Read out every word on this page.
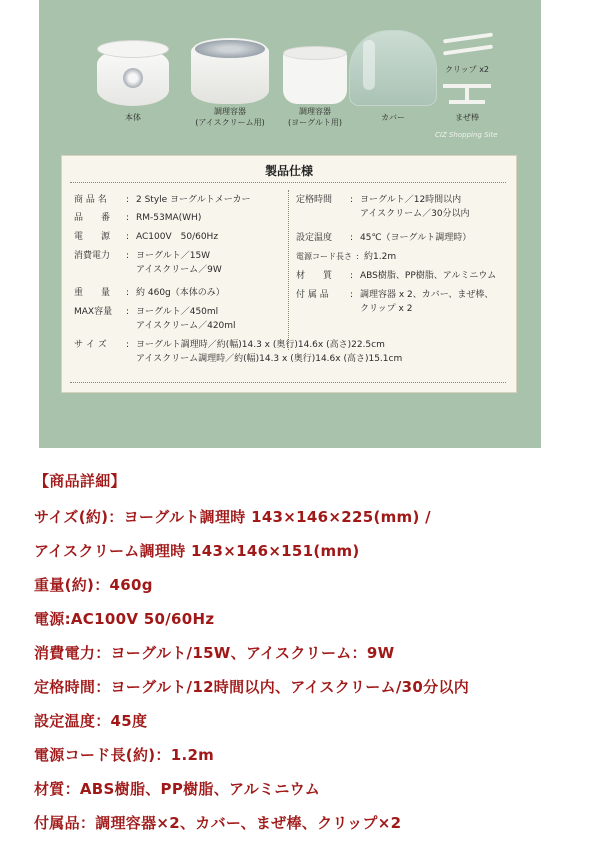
本体
調理容器
(アイスクリーム用)
調理容器
(ヨーグルト用)
カバー
クリップ x2
まぜ棒
CIZ Shopping Site
製品仕様
商 品 名 : 2 Style ヨーグルトメーカー
品　　番 : RM-53MA(WH)
電　　源 : AC100V　50/60Hz
消費電力 : ヨーグルト／15W
アイスクリーム／9W
重　　量 : 約 460g（本体のみ）
MAX容量 : ヨーグルト／450ml
アイスクリーム／420ml
定格時間 : ヨーグルト／12時間以内
アイスクリーム／30分以内
設定温度 : 45℃（ヨーグルト調理時）
電源コード長さ : 約1.2m
材　　質 : ABS樹脂、PP樹脂、アルミニウム
付 属 品 : 調理容器 x 2、カバー、まぜ棒、
クリップ x 2
サ イ ズ : ヨーグルト調理時／約(幅)14.3 x (奥行)14.6x (高さ)22.5cm
アイスクリーム調理時／約(幅)14.3 x (奥行)14.6x (高さ)15.1cm
【商品詳細】
サイズ(約)：ヨーグルト調理時 143×146×225(mm) /
アイスクリーム調理時 143×146×151(mm)
重量(約)：460g
電源:AC100V 50/60Hz
消費電力：ヨーグルト/15W、アイスクリーム：9W
定格時間：ヨーグルト/12時間以内、アイスクリーム/30分以内
設定温度：45度
電源コード長(約)：1.2m
材質：ABS樹脂、PP樹脂、アルミニウム
付属品：調理容器×2、カバー、まぜ棒、クリップ×2
